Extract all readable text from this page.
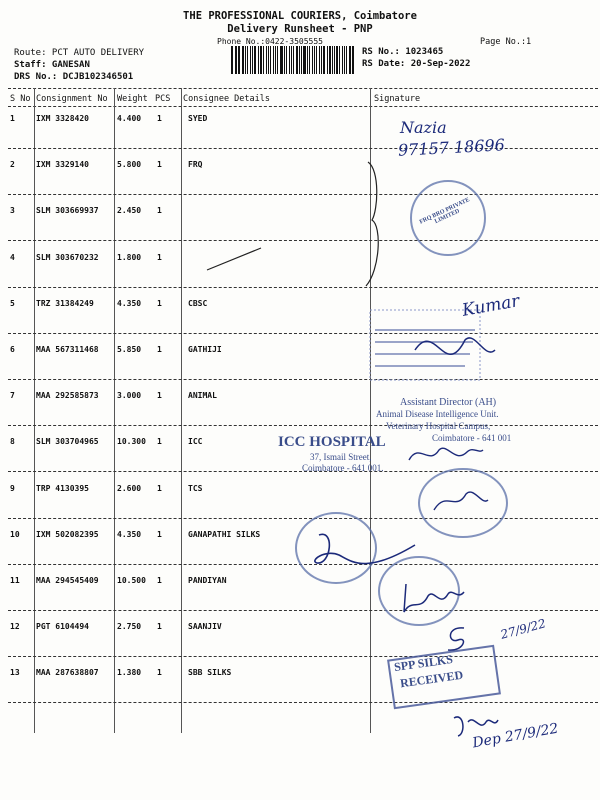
THE PROFESSIONAL COURIERS, Coimbatore
Delivery Runsheet - PNP
Phone No.:0422-3505555	Page No.:1
Route: PCT AUTO DELIVERY
Staff: GANESAN
DRS No.: DCJB102346501
RS No.: 1023465
RS Date: 20-Sep-2022
S No Consignment No Weight PCS Consignee Details	Signature
1	IXM 3328420	4.400 1	SYED
2	IXM 3329140	5.800 1	FRQ
3	SLM 303669937 2.450 1
4	SLM 303670232 1.800 1
5	TRZ 31384249	4.350 1	CBSC
6	MAA 567311468 5.850 1	GATHIJI
7	MAA 292585873 3.000 1	ANIMAL
8	SLM 303704965 10.300 1	ICC
9	TRP 4130395	2.600 1	TCS
10 IXM 502082395 4.350 1	GANAPATHI SILKS
11 MAA 294545409 10.500 1	PANDIYAN
12 PGT 6104494	2.750 1	SAANJIV
13 MAA 287638807 1.380 1	SBB SILKS
Nazia
97157 18696
FRQ BRO PRIVATE LIMITED
Kumar
Assistant Director (AH)
Animal Disease Intelligence Unit.
Veterinary Hospital Campus,
Coimbatore - 641 001
ICC HOSPITAL
37, Ismail Street,
Coimbatore - 641 001.
27/9/22
SPP SILKS
RECEIVED
Dep 27/9/22
